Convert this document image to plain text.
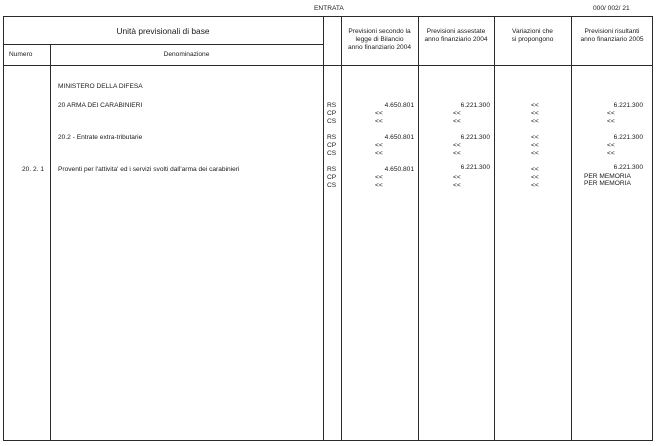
ENTRATA	000/ 002/ 21
Unità previsionali di base
Numero	Denominazione
Previsioni secondo la
legge di Bilancio
anno finanziario 2004
Previsioni assestate
anno finanziario 2004
Variazioni che
si propongono
Previsioni risultanti
anno finanziario 2005
MINISTERO DELLA DIFESA
20 ARMA DEI CARABINIERI	RS	4.650.801	6.221.300	<<	6.221.300
CP	<<	<<	<<	<<
CS	<<	<<	<<	<<
20.2 - Entrate extra-tributarie	RS	4.650.801	6.221.300	<<	6.221.300
CP	<<	<<	<<	<<
CS	<<	<<	<<	<<
20. 2. 1 Proventi per l'attivita' ed i servizi svolti dall'arma dei carabinieri	RS	4.650.801	6.221.300	<<	6.221.300
CP	<<	<<	<<	PER MEMORIA
CS	<<	<<	<<	PER MEMORIA
